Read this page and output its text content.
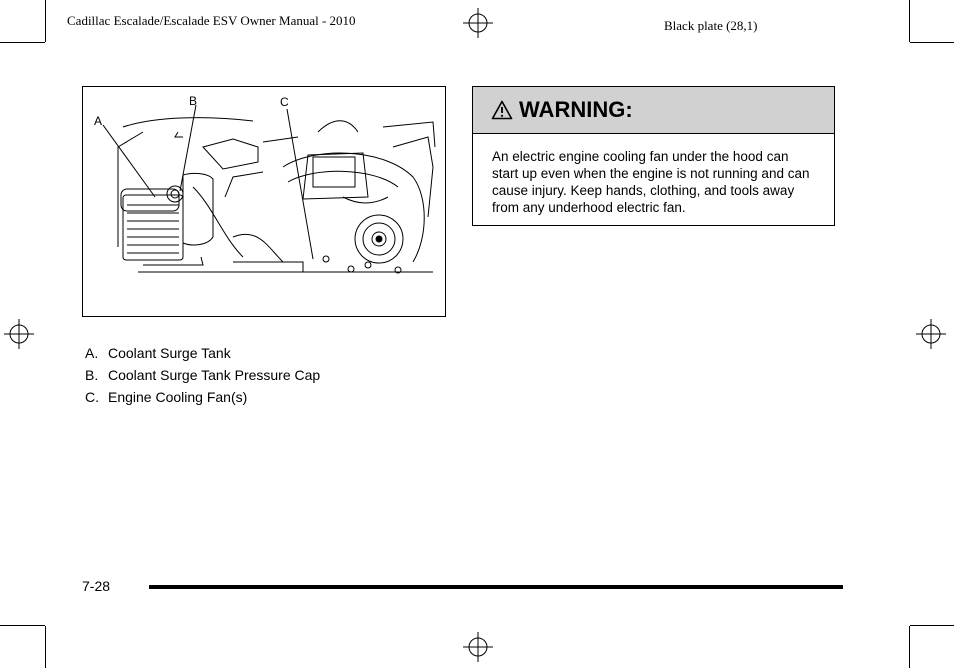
Cadillac Escalade/Escalade ESV Owner Manual - 2010	Black plate (28,1)
A
B	C
A. Coolant Surge Tank
B. Coolant Surge Tank Pressure Cap
C. Engine Cooling Fan(s)
WARNING:
An electric engine cooling fan under the hood can start up even when the engine is not running and can cause injury. Keep hands, clothing, and tools away from any underhood electric fan.
7-28
